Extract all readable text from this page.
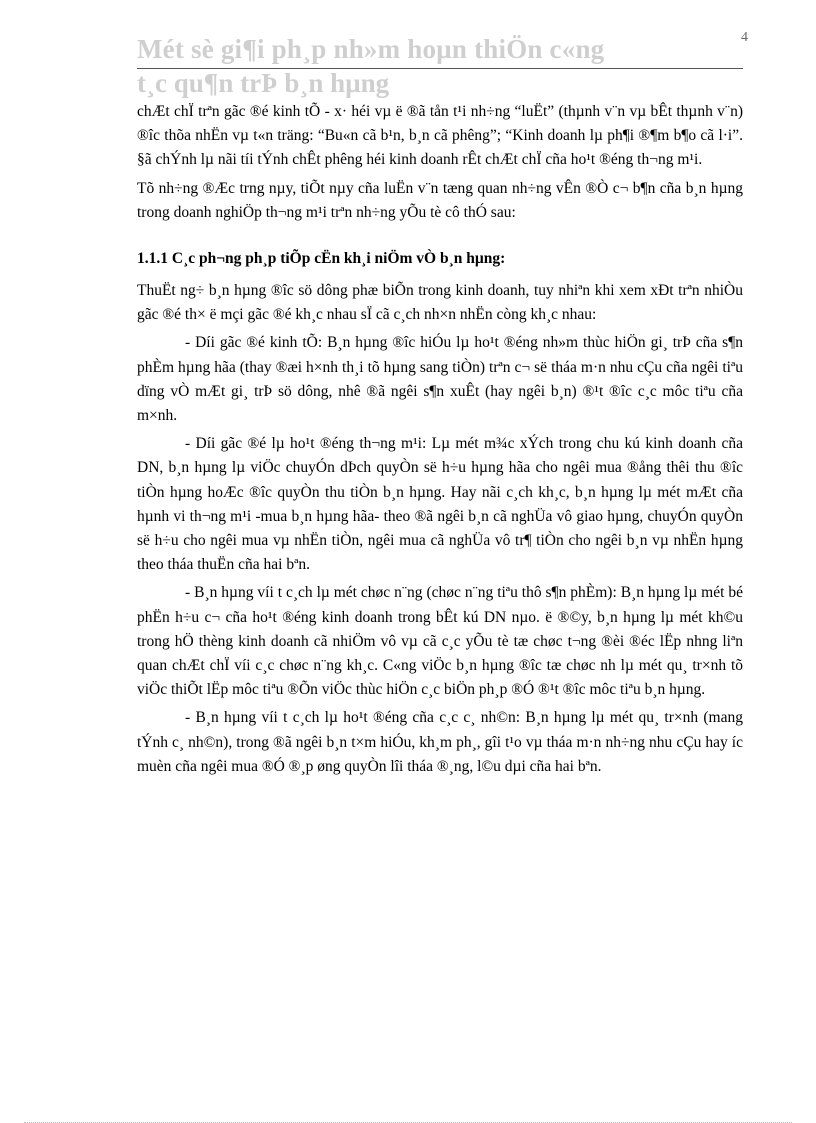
4
Mét sè gi¶i ph¸p nh»m hoµn thiÖn c«ng
t¸c qu¶n trÞ b¸n hµng

chÆt chÏ trªn gãc ®é kinh tÕ - x· héi vµ ë ®ã tån t¹i nh÷ng “luËt” (thµnh v¨n vµ bÊt thµnh v¨n) ®îc thõa nhËn vµ t«n träng: “Bu«n cã b¹n, b¸n cã phêng”; “Kinh doanh lµ ph¶i ®¶m b¶o cã l·i”. §ã chÝnh lµ nãi tíi tÝnh chÊt phêng héi kinh doanh rÊt chÆt chÏ cña ho¹t ®éng th¬ng m¹i.

Tõ nh÷ng ®Æc trng nµy, tiÕt nµy cña luËn v¨n tæng quan nh÷ng vÊn ®Ò c¬ b¶n cña b¸n hµng trong doanh nghiÖp th¬ng m¹i trªn nh÷ng yÕu tè cô thÓ sau:

1.1.1 C¸c ph¬ng ph¸p tiÕp cËn kh¸i niÖm vÒ b¸n hµng:

ThuËt ng÷ b¸n hµng ®îc sö dông phæ biÕn trong kinh doanh, tuy nhiªn khi xem xÐt trªn nhiÒu gãc ®é th× ë mçi gãc ®é kh¸c nhau sÏ cã c¸ch nh×n nhËn còng kh¸c nhau:

- Díi gãc ®é kinh tÕ: B¸n hµng ®îc hiÓu lµ ho¹t ®éng nh»m thùc hiÖn gi¸ trÞ cña s¶n phÈm hµng hãa (thay ®æi h×nh th¸i tõ hµng sang tiÒn) trªn c¬ së tháa m·n nhu cÇu cña ngêi tiªu dïng vÒ mÆt gi¸ trÞ sö dông, nhê ®ã ngêi s¶n xuÊt (hay ngêi b¸n) ®¹t ®îc c¸c môc tiªu cña m×nh.

- Díi gãc ®é lµ ho¹t ®éng th¬ng m¹i: Lµ mét m¾c xÝch trong chu kú kinh doanh cña DN, b¸n hµng lµ viÖc chuyÓn dÞch quyÒn së h÷u hµng hãa cho ngêi mua ®ång thêi thu ®îc tiÒn hµng hoÆc ®îc quyÒn thu tiÒn b¸n hµng. Hay nãi c¸ch kh¸c, b¸n hµng lµ mét mÆt cña hµnh vi th¬ng m¹i -mua b¸n hµng hãa- theo ®ã ngêi b¸n cã nghÜa vô giao hµng, chuyÓn quyÒn së h÷u cho ngêi mua vµ nhËn tiÒn, ngêi mua cã nghÜa vô tr¶ tiÒn cho ngêi b¸n vµ nhËn hµng theo tháa thuËn cña hai bªn.

- B¸n hµng víi t c¸ch lµ mét chøc n¨ng (chøc n¨ng tiªu thô s¶n phÈm): B¸n hµng lµ mét bé phËn h÷u c¬ cña ho¹t ®éng kinh doanh trong bÊt kú DN nµo. ë ®©y, b¸n hµng lµ mét kh©u trong hÖ thèng kinh doanh cã nhiÖm vô vµ cã c¸c yÕu tè tæ chøc t¬ng ®èi ®éc lËp nhng liªn quan chÆt chÏ víi c¸c chøc n¨ng kh¸c. C«ng viÖc b¸n hµng ®îc tæ chøc nh lµ mét qu¸ tr×nh tõ viÖc thiÕt lËp môc tiªu ®Õn viÖc thùc hiÖn c¸c biÖn ph¸p ®Ó ®¹t ®îc môc tiªu b¸n hµng.

- B¸n hµng víi t c¸ch lµ ho¹t ®éng cña c¸c c¸ nh©n: B¸n hµng lµ mét qu¸ tr×nh (mang tÝnh c¸ nh©n), trong ®ã ngêi b¸n t×m hiÓu, kh¸m ph¸, gîi t¹o vµ tháa m·n nh÷ng nhu cÇu hay íc muèn cña ngêi mua ®Ó ®¸p øng quyÒn lîi tháa ®¸ng, l©u dµi cña hai bªn.
